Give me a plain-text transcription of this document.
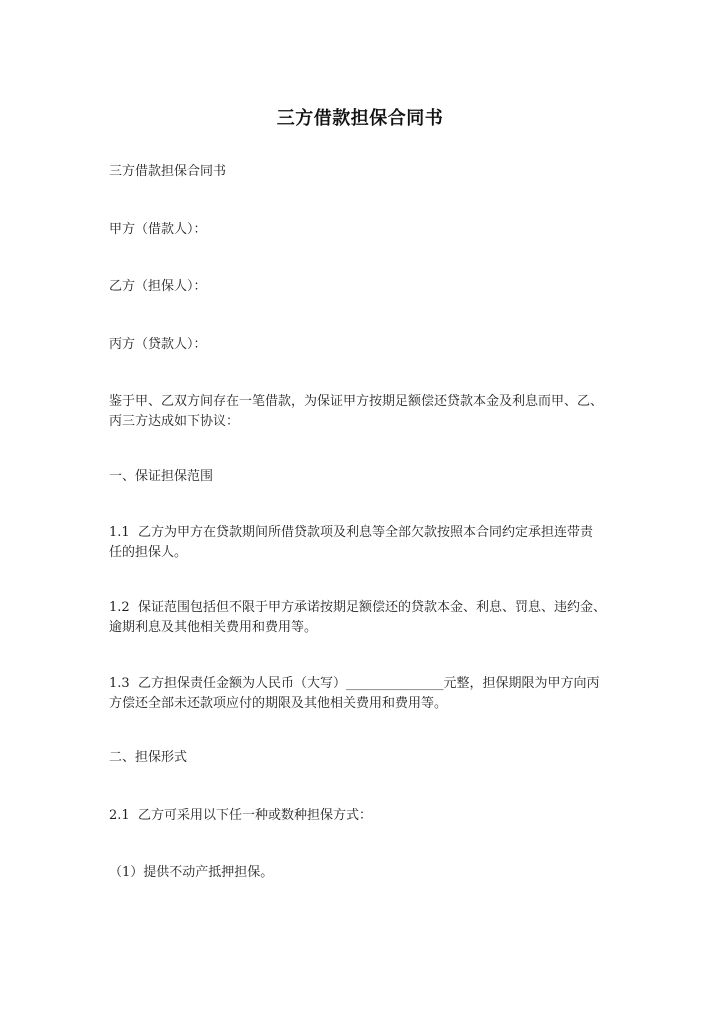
三方借款担保合同书
三方借款担保合同书
甲方（借款人）：
乙方（担保人）：
丙方（贷款人）：
鉴于甲、乙双方间存在一笔借款，为保证甲方按期足额偿还贷款本金及利息而甲、乙、
丙三方达成如下协议：
一、保证担保范围
1.1  乙方为甲方在贷款期间所借贷款项及利息等全部欠款按照本合同约定承担连带责
任的担保人。
1.2  保证范围包括但不限于甲方承诺按期足额偿还的贷款本金、利息、罚息、违约金、
逾期利息及其他相关费用和费用等。
1.3  乙方担保责任金额为人民币（大写）_______________元整，担保期限为甲方向丙
方偿还全部未还款项应付的期限及其他相关费用和费用等。
二、担保形式
2.1  乙方可采用以下任一种或数种担保方式：
（1）提供不动产抵押担保。
